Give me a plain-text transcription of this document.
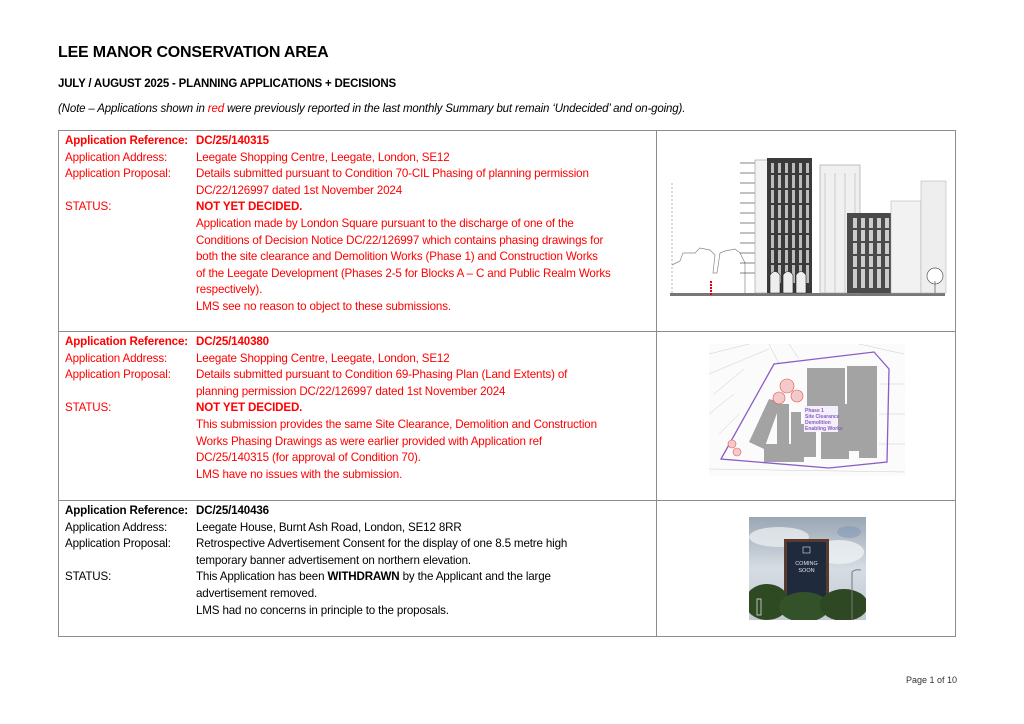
LEE MANOR CONSERVATION AREA
JULY / AUGUST 2025 - PLANNING APPLICATIONS + DECISIONS
(Note – Applications shown in red were previously reported in the last monthly Summary but remain ‘Undecided’ and on-going).
Application Reference: DC/25/140315
Application Address:	Leegate Shopping Centre, Leegate, London, SE12
Application Proposal:	Details submitted pursuant to Condition 70-CIL Phasing of planning permission
DC/22/126997 dated 1st November 2024
STATUS:	NOT YET DECIDED.
Application made by London Square pursuant to the discharge of one of the
Conditions of Decision Notice DC/22/126997 which contains phasing drawings for
both the site clearance and Demolition Works (Phase 1) and Construction Works
of the Leegate Development (Phases 2-5 for Blocks A – C and Public Realm Works
respectively).
LMS see no reason to object to these submissions.

Application Reference: DC/25/140380
Application Address:	Leegate Shopping Centre, Leegate, London, SE12
Application Proposal:	Details submitted pursuant to Condition 69-Phasing Plan (Land Extents) of
planning permission DC/22/126997 dated 1st November 2024
STATUS:	NOT YET DECIDED.
This submission provides the same Site Clearance, Demolition and Construction
Works Phasing Drawings as were earlier provided with Application ref
DC/25/140315 (for approval of Condition 70).
LMS have no issues with the submission.

Phase 1
Site Clearance
Demolition
Enabling Works

Application Reference: DC/25/140436
Application Address:	Leegate House, Burnt Ash Road, London, SE12 8RR
Application Proposal:	Retrospective Advertisement Consent for the display of one 8.5 metre high
temporary banner advertisement on northern elevation.
STATUS:	This Application has been WITHDRAWN by the Applicant and the large
advertisement removed.
LMS had no concerns in principle to the proposals.

COMING
SOON
Page 1 of 10
